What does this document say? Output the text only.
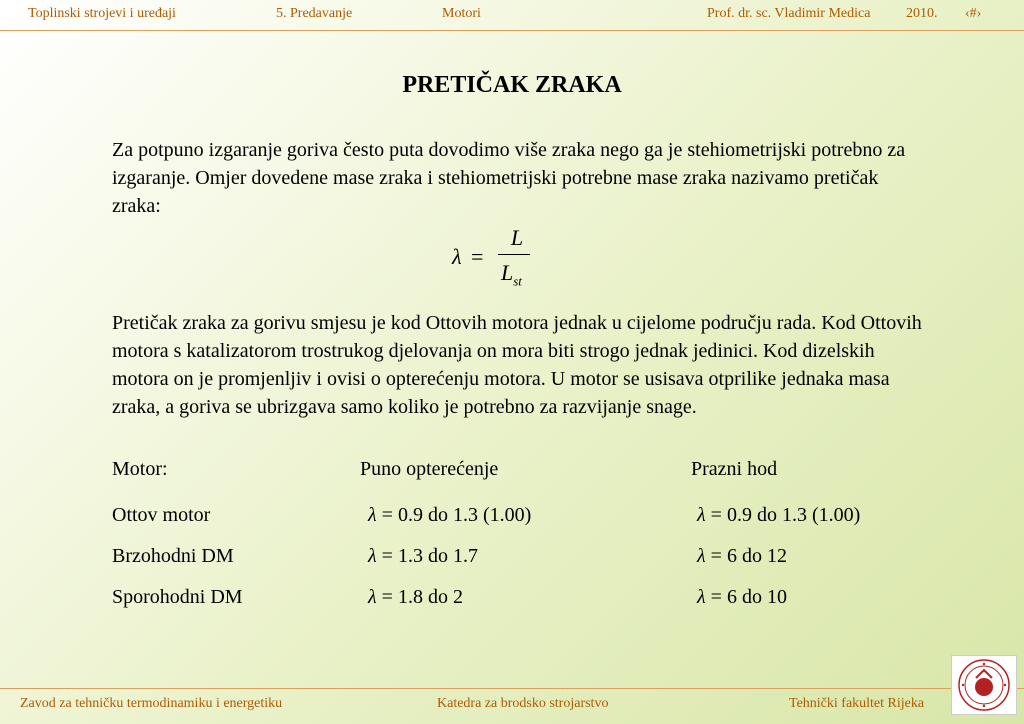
Toplinski strojevi i uređaji	5. Predavanje	Motori	Prof. dr. sc. Vladimir Medica	2010. ‹#›
PRETIČAK ZRAKA
Za potpuno izgaranje goriva često puta dovodimo više zraka nego ga je stehiometrijski potrebno za izgaranje. Omjer dovedene mase zraka i stehiometrijski potrebne mase zraka nazivamo pretičak zraka:
λ =
L
$L_{st}$
Pretičak zraka za gorivu smjesu je kod Ottovih motora jednak u cijelome području rada. Kod Ottovih motora s katalizatorom trostrukog djelovanja on mora biti strogo jednak jedinici. Kod dizelskih motora on je promjenljiv i ovisi o opterećenju motora. U motor se usisava otprilike jednaka masa zraka, a goriva se ubrizgava samo koliko je potrebno za razvijanje snage.
Motor:	Puno opterećenje	Prazni hod
Ottov motor	λ = 0.9 do 1.3 (1.00)	λ = 0.9 do 1.3 (1.00)
Brzohodni DM	λ = 1.3 do 1.7	λ = 6 do 12
Sporohodni DM	λ = 1.8 do 2	λ = 6 do 10
Zavod za tehničku termodinamiku i energetiku	Katedra za brodsko strojarstvo	Tehnički fakultet Rijeka
